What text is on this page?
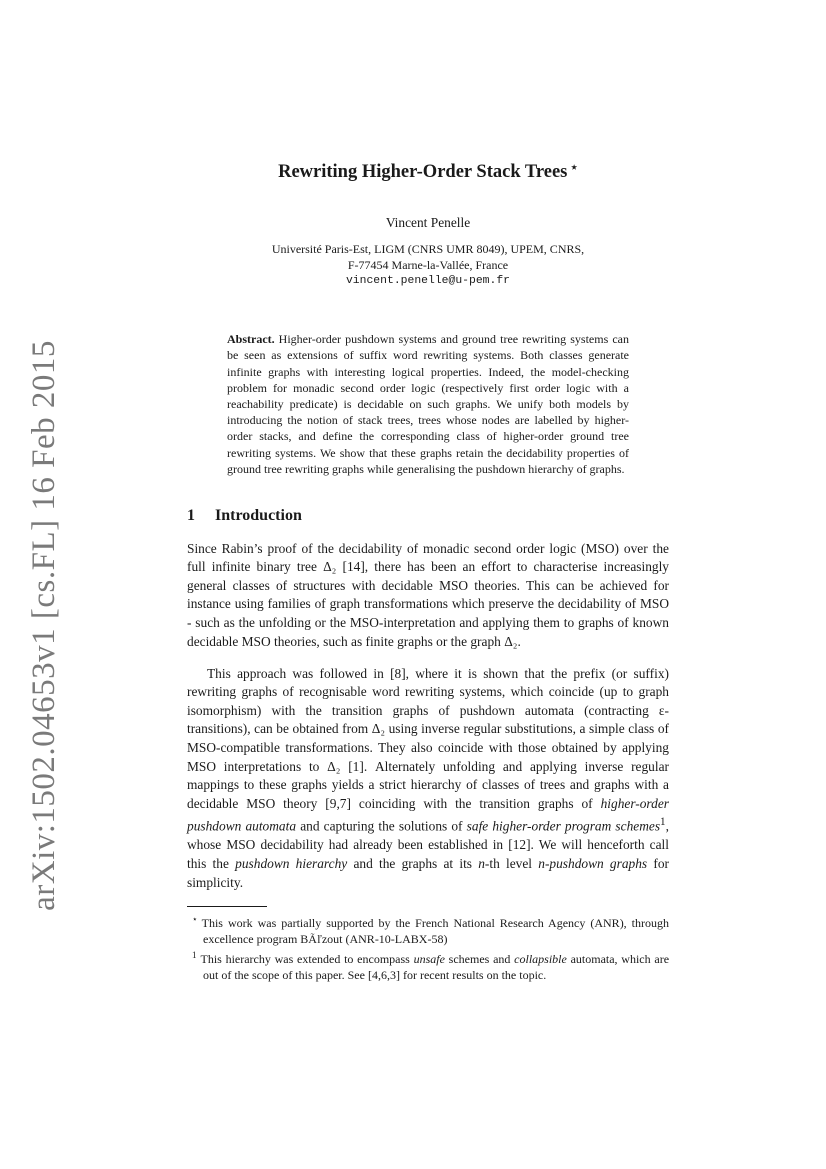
arXiv:1502.04653v1 [cs.FL] 16 Feb 2015
Rewriting Higher-Order Stack Trees ⋆
Vincent Penelle
Université Paris-Est, LIGM (CNRS UMR 8049), UPEM, CNRS,
F-77454 Marne-la-Vallée, France
vincent.penelle@u-pem.fr
Abstract. Higher-order pushdown systems and ground tree rewriting systems can be seen as extensions of suffix word rewriting systems. Both classes generate infinite graphs with interesting logical properties. Indeed, the model-checking problem for monadic second order logic (respectively first order logic with a reachability predicate) is decidable on such graphs. We unify both models by introducing the notion of stack trees, trees whose nodes are labelled by higher-order stacks, and define the corresponding class of higher-order ground tree rewriting systems. We show that these graphs retain the decidability properties of ground tree rewriting graphs while generalising the pushdown hierarchy of graphs.
1 Introduction

Since Rabin’s proof of the decidability of monadic second order logic (MSO) over the full infinite binary tree Δ₂ [14], there has been an effort to characterise increasingly general classes of structures with decidable MSO theories. This can be achieved for instance using families of graph transformations which preserve the decidability of MSO - such as the unfolding or the MSO-interpretation and applying them to graphs of known decidable MSO theories, such as finite graphs or the graph Δ₂.

This approach was followed in [8], where it is shown that the prefix (or suffix) rewriting graphs of recognisable word rewriting systems, which coincide (up to graph isomorphism) with the transition graphs of pushdown automata (contracting ε-transitions), can be obtained from Δ₂ using inverse regular substitutions, a simple class of MSO-compatible transformations. They also coincide with those obtained by applying MSO interpretations to Δ₂ [1]. Alternately unfolding and applying inverse regular mappings to these graphs yields a strict hierarchy of classes of trees and graphs with a decidable MSO theory [9,7] coinciding with the transition graphs of higher-order pushdown automata and capturing the solutions of safe higher-order program schemes$^1$, whose MSO decidability had already been established in [12]. We will henceforth call this the pushdown hierarchy and the graphs at its n-th level n-pushdown graphs for simplicity.

⋆ This work was partially supported by the French National Research Agency (ANR), through excellence program BÃľzout (ANR-10-LABX-58)
$^1$ This hierarchy was extended to encompass unsafe schemes and collapsible automata, which are out of the scope of this paper. See [4,6,3] for recent results on the topic.
